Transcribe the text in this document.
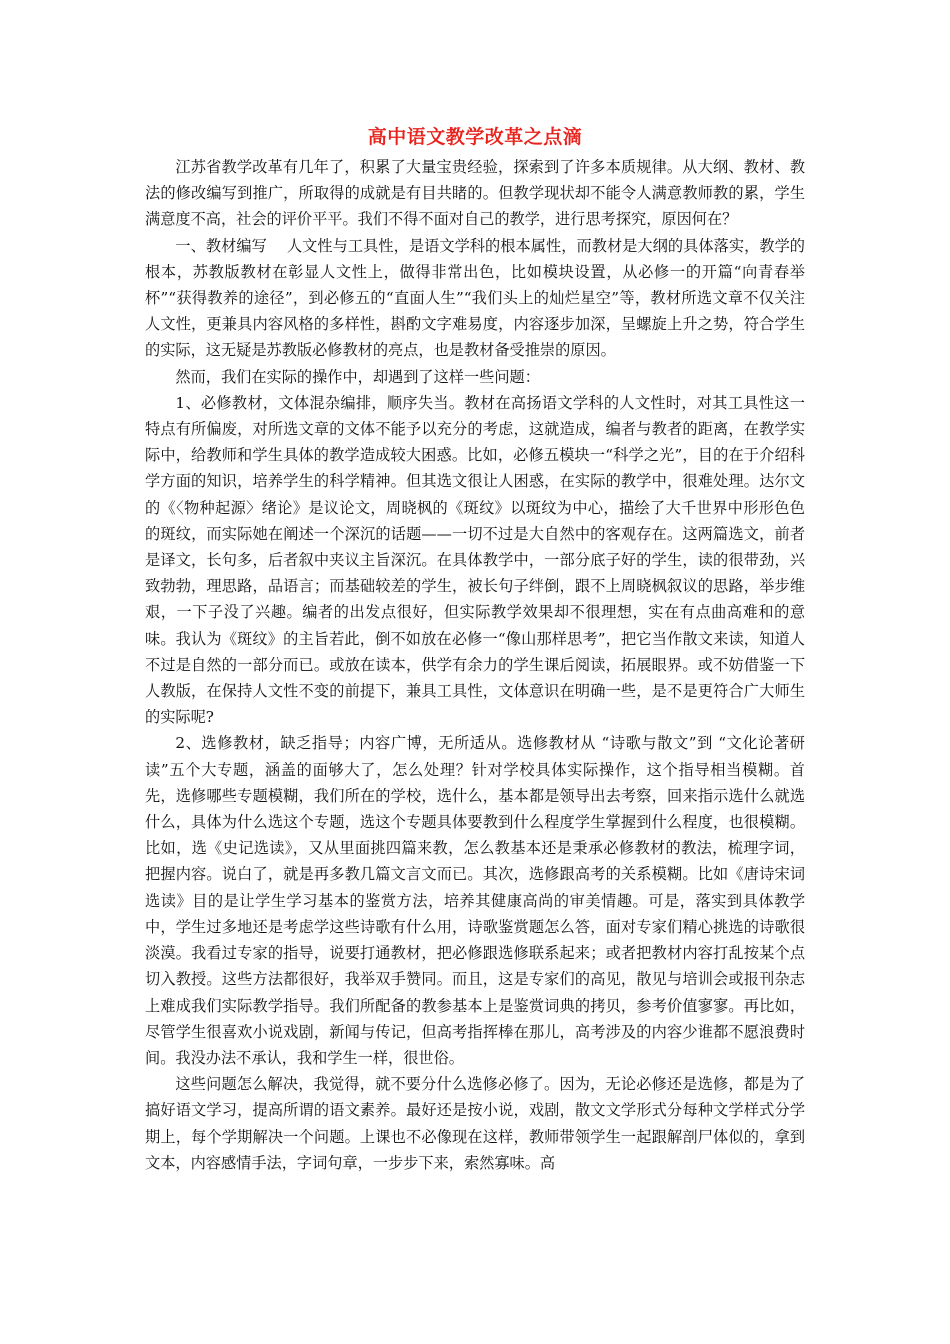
高中语文教学改革之点滴

江苏省教学改革有几年了，积累了大量宝贵经验，探索到了许多本质规律。从大纲、教材、教法的修改编写到推广，所取得的成就是有目共睹的。但教学现状却不能令人满意教师教的累，学生满意度不高，社会的评价平平。我们不得不面对自己的教学，进行思考探究，原因何在？

一、教材编写　 人文性与工具性，是语文学科的根本属性，而教材是大纲的具体落实，教学的根本，苏教版教材在彰显人文性上，做得非常出色，比如模块设置，从必修一的开篇“向青春举杯”“获得教养的途径”，到必修五的“直面人生”“我们头上的灿烂星空”等，教材所选文章不仅关注人文性，更兼具内容风格的多样性，斟酌文字难易度，内容逐步加深，呈螺旋上升之势，符合学生的实际，这无疑是苏教版必修教材的亮点，也是教材备受推崇的原因。

然而，我们在实际的操作中，却遇到了这样一些问题：

1、必修教材，文体混杂编排，顺序失当。教材在高扬语文学科的人文性时，对其工具性这一特点有所偏废，对所选文章的文体不能予以充分的考虑，这就造成，编者与教者的距离，在教学实际中，给教师和学生具体的教学造成较大困惑。比如，必修五模块一“科学之光”，目的在于介绍科学方面的知识，培养学生的科学精神。但其选文很让人困惑，在实际的教学中，很难处理。达尔文的《〈物种起源〉绪论》是议论文，周晓枫的《斑纹》以斑纹为中心，描绘了大千世界中形形色色的斑纹，而实际她在阐述一个深沉的话题——一切不过是大自然中的客观存在。这两篇选文，前者是译文，长句多，后者叙中夹议主旨深沉。在具体教学中，一部分底子好的学生，读的很带劲，兴致勃勃，理思路，品语言；而基础较差的学生，被长句子绊倒，跟不上周晓枫叙议的思路，举步维艰，一下子没了兴趣。编者的出发点很好，但实际教学效果却不很理想，实在有点曲高难和的意味。我认为《斑纹》的主旨若此，倒不如放在必修一“像山那样思考”，把它当作散文来读，知道人不过是自然的一部分而已。或放在读本，供学有余力的学生课后阅读，拓展眼界。或不妨借鉴一下人教版，在保持人文性不变的前提下，兼具工具性，文体意识在明确一些，是不是更符合广大师生的实际呢?

2、选修教材，缺乏指导；内容广博，无所适从。选修教材从 “诗歌与散文”到 “文化论著研读”五个大专题，涵盖的面够大了，怎么处理？针对学校具体实际操作，这个指导相当模糊。首先，选修哪些专题模糊，我们所在的学校，选什么，基本都是领导出去考察，回来指示选什么就选什么，具体为什么选这个专题，选这个专题具体要教到什么程度学生掌握到什么程度，也很模糊。比如，选《史记选读》，又从里面挑四篇来教，怎么教基本还是秉承必修教材的教法，梳理字词，把握内容。说白了，就是再多教几篇文言文而已。其次，选修跟高考的关系模糊。比如《唐诗宋词选读》目的是让学生学习基本的鉴赏方法，培养其健康高尚的审美情趣。可是，落实到具体教学中，学生过多地还是考虑学这些诗歌有什么用，诗歌鉴赏题怎么答，面对专家们精心挑选的诗歌很淡漠。我看过专家的指导，说要打通教材，把必修跟选修联系起来；或者把教材内容打乱按某个点切入教授。这些方法都很好，我举双手赞同。而且，这是专家们的高见，散见与培训会或报刊杂志上难成我们实际教学指导。我们所配备的教参基本上是鉴赏词典的拷贝，参考价值寥寥。再比如，尽管学生很喜欢小说戏剧，新闻与传记，但高考指挥棒在那儿，高考涉及的内容少谁都不愿浪费时间。我没办法不承认，我和学生一样，很世俗。

这些问题怎么解决，我觉得，就不要分什么选修必修了。因为，无论必修还是选修，都是为了搞好语文学习，提高所谓的语文素养。最好还是按小说，戏剧，散文文学形式分每种文学样式分学期上，每个学期解决一个问题。上课也不必像现在这样，教师带领学生一起跟解剖尸体似的，拿到文本，内容感情手法，字词句章，一步步下来，索然寡味。高
